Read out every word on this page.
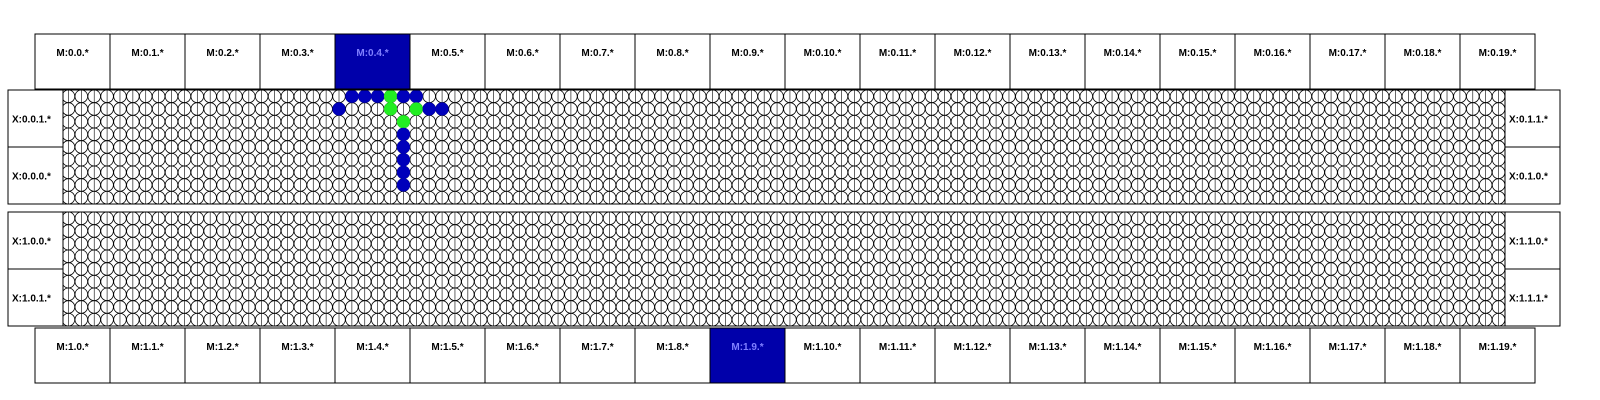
M:0.0.*	M:0.1.*	M:0.2.*	M:0.3.*	M:0.4.*	M:0.5.*	M:0.6.*	M:0.7.*	M:0.8.*	M:0.9.*	M:0.10.*	M:0.11.*	M:0.12.*	M:0.13.*	M:0.14.*	M:0.15.*	M:0.16.*	M:0.17.*	M:0.18.*	M:0.19.*
M:1.0.*	M:1.1.*	M:1.2.*	M:1.3.*	M:1.4.*	M:1.5.*	M:1.6.*	M:1.7.*	M:1.8.*	M:1.9.*	M:1.10.*	M:1.11.*	M:1.12.*	M:1.13.*	M:1.14.*	M:1.15.*	M:1.16.*	M:1.17.*	M:1.18.*	M:1.19.*
X:0.0.1.*	X:0.1.1.*
X:0.0.0.*	X:0.1.0.*
X:1.0.0.*	X:1.1.0.*
X:1.0.1.*	X:1.1.1.*
